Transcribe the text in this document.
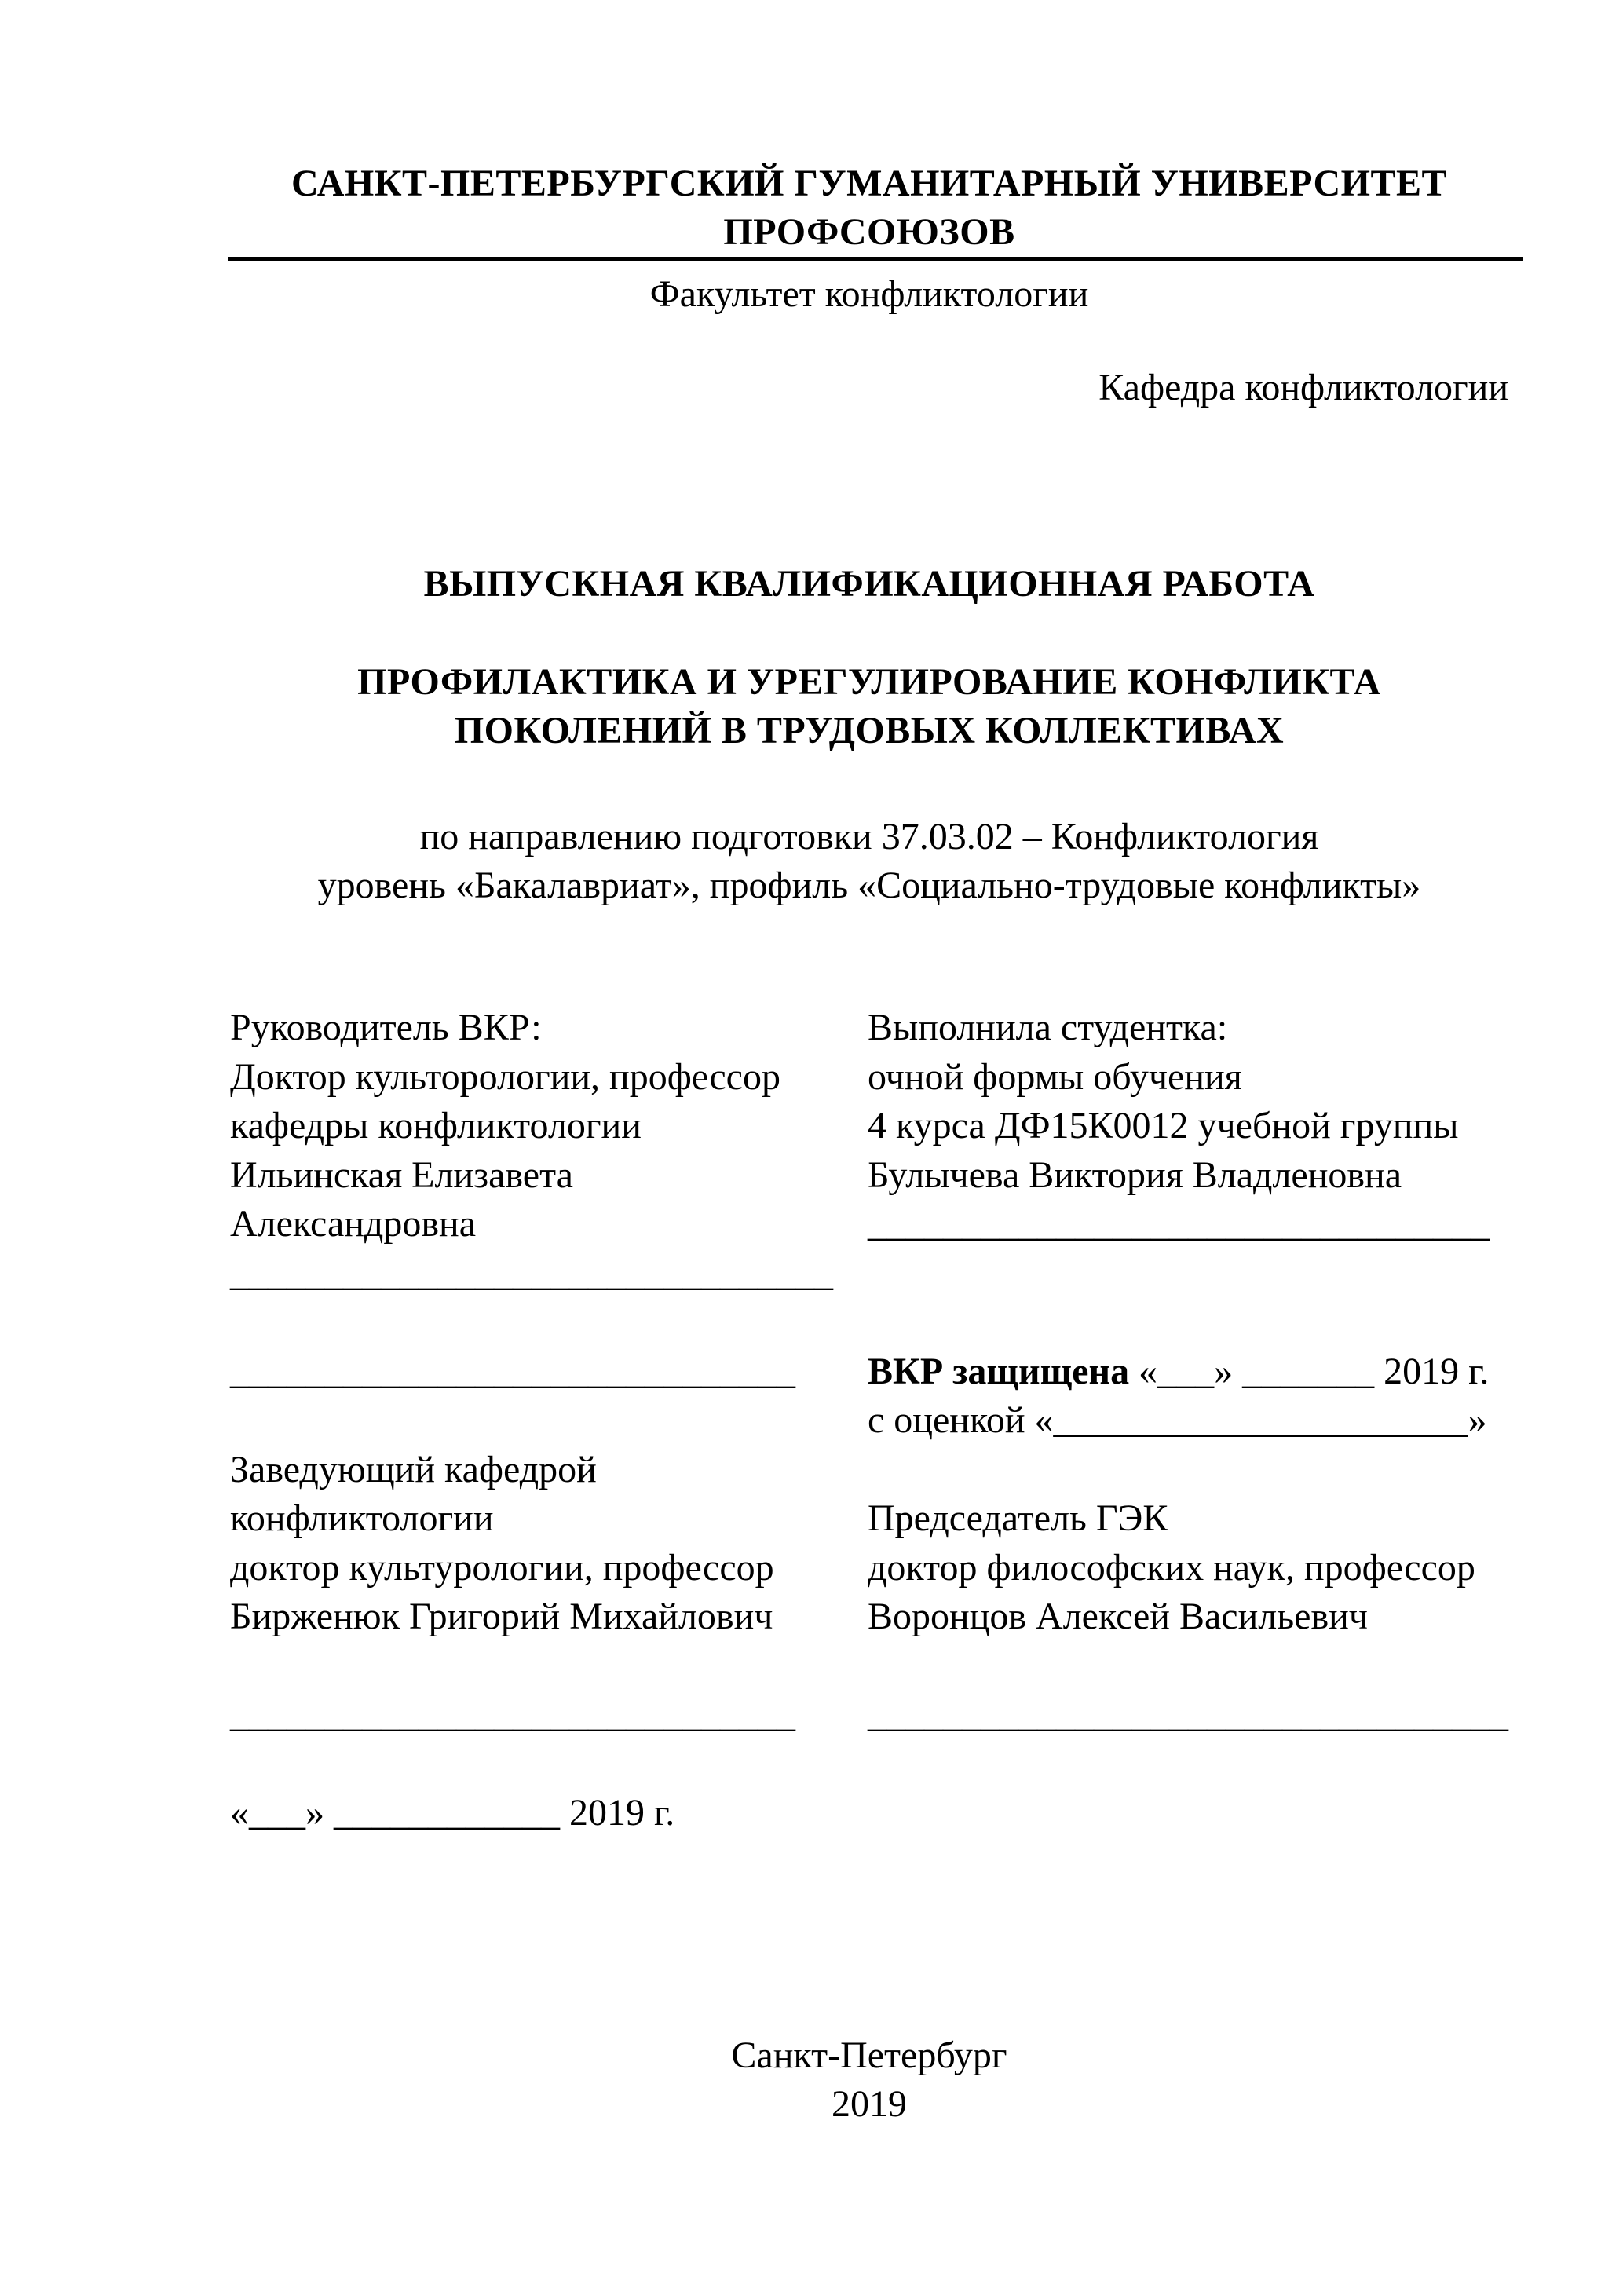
САНКТ-ПЕТЕРБУРГСКИЙ ГУМАНИТАРНЫЙ УНИВЕРСИТЕТ
ПРОФСОЮЗОВ
Факультет конфликтологии
Кафедра конфликтологии
ВЫПУСКНАЯ КВАЛИФИКАЦИОННАЯ РАБОТА
ПРОФИЛАКТИКА И УРЕГУЛИРОВАНИЕ КОНФЛИКТА
ПОКОЛЕНИЙ В ТРУДОВЫХ КОЛЛЕКТИВАХ
по направлению подготовки 37.03.02 – Конфликтология
уровень «Бакалавриат», профиль «Социально-трудовые конфликты»
Руководитель ВКР:
Доктор культорологии, профессор
кафедры конфликтологии
Ильинская Елизавета
Александровна
________________________________

______________________________

Заведующий кафедрой
конфликтологии
доктор культурологии, профессор
Бирженюк Григорий Михайлович

______________________________

«___» ____________ 2019 г.
Выполнила студентка:
очной формы обучения
4 курса ДФ15К0012 учебной группы
Булычева Виктория Владленовна
_________________________________

ВКР защищена «___» _______ 2019 г.
с оценкой «______________________»

Председатель ГЭК
доктор философских наук, профессор
Воронцов Алексей Васильевич

__________________________________
Санкт-Петербург
2019
